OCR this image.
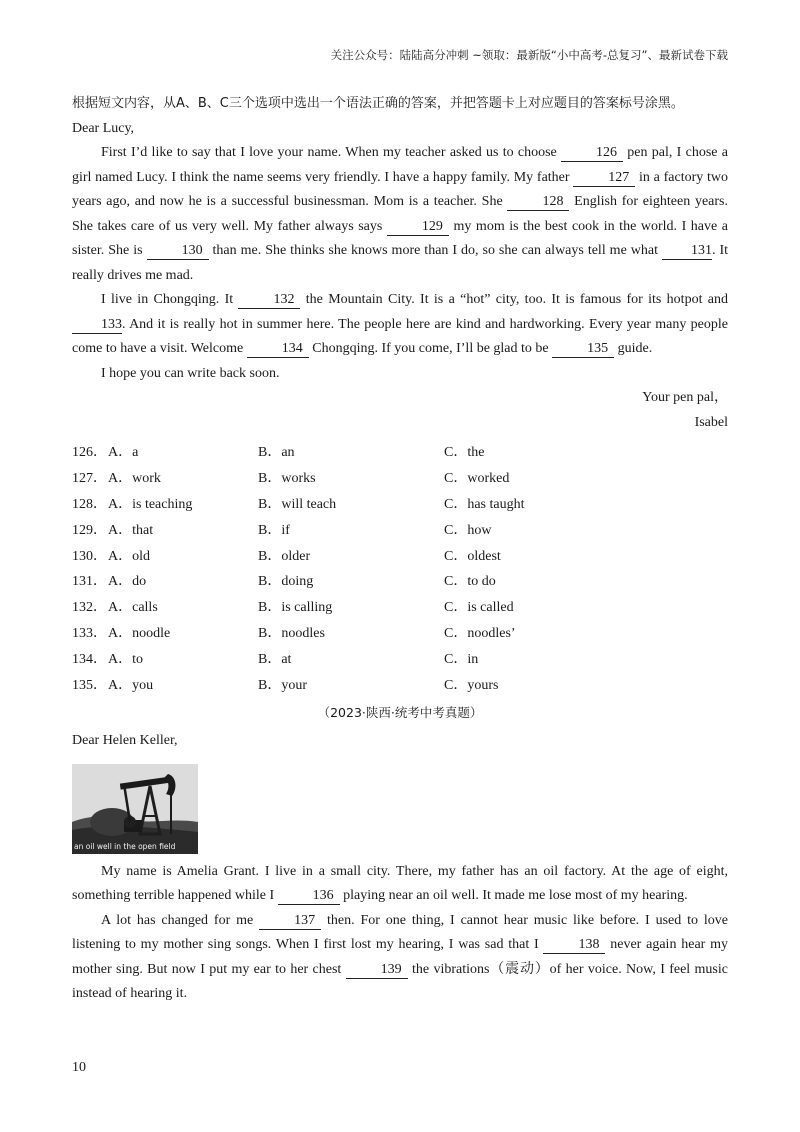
关注公众号：陆陆高分冲刺 ~领取：最新版“小中高考-总复习”、最新试卷下载

根据短文内容，从A、B、C三个选项中选出一个语法正确的答案，并把答题卡上对应题目的答案标号涂黑。

Dear Lucy,

First I’d like to say that I love your name. When my teacher asked us to choose	126 pen pal, I chose a girl named Lucy. I think the name seems very friendly. I have a happy family. My father	127 in a factory two years ago, and now he is a successful businessman. Mom is a teacher. She	128 English for eighteen years. She takes care of us very well. My father always says	129 my mom is the best cook in the world. I have a sister. She is	130 than me. She thinks she knows more than I do, so she can always tell me what 131. It really drives me mad.

I live in Chongqing. It	132 the Mountain City. It is a “hot” city, too. It is famous for its hotpot and 133. And it is really hot in summer here. The people here are kind and hardworking. Every year many people come to have a visit. Welcome	134 Chongqing. If you come, I’ll be glad to be	135 guide.

I hope you can write back soon.

Your pen pal，

Isabel

126． A．a	B．an	C．the
127． A．work	B．works	C．worked
128． A．is teaching	B．will teach	C．has taught
129． A．that	B．if	C．how
130． A．old	B．older	C．oldest
131． A．do	B．doing	C．to do
132． A．calls	B．is calling	C．is called
133． A．noodle	B．noodles	C．noodles’
134． A．to	B．at	C．in
135． A．you	B．your	C．yours
（2023·陕西·统考中考真题）

Dear Helen Keller,

an oil well in the open field

My name is Amelia Grant. I live in a small city. There, my father has an oil factory. At the age of eight, something terrible happened while I	136 playing near an oil well. It made me lose most of my hearing.

A lot has changed for me	137 then. For one thing, I cannot hear music like before. I used to love listening to my mother sing songs. When I first lost my hearing, I was sad that I	138 never again hear my mother sing. But now I put my ear to her chest	139 the vibrations（震动）of her voice. Now, I feel music instead of hearing it.

10
